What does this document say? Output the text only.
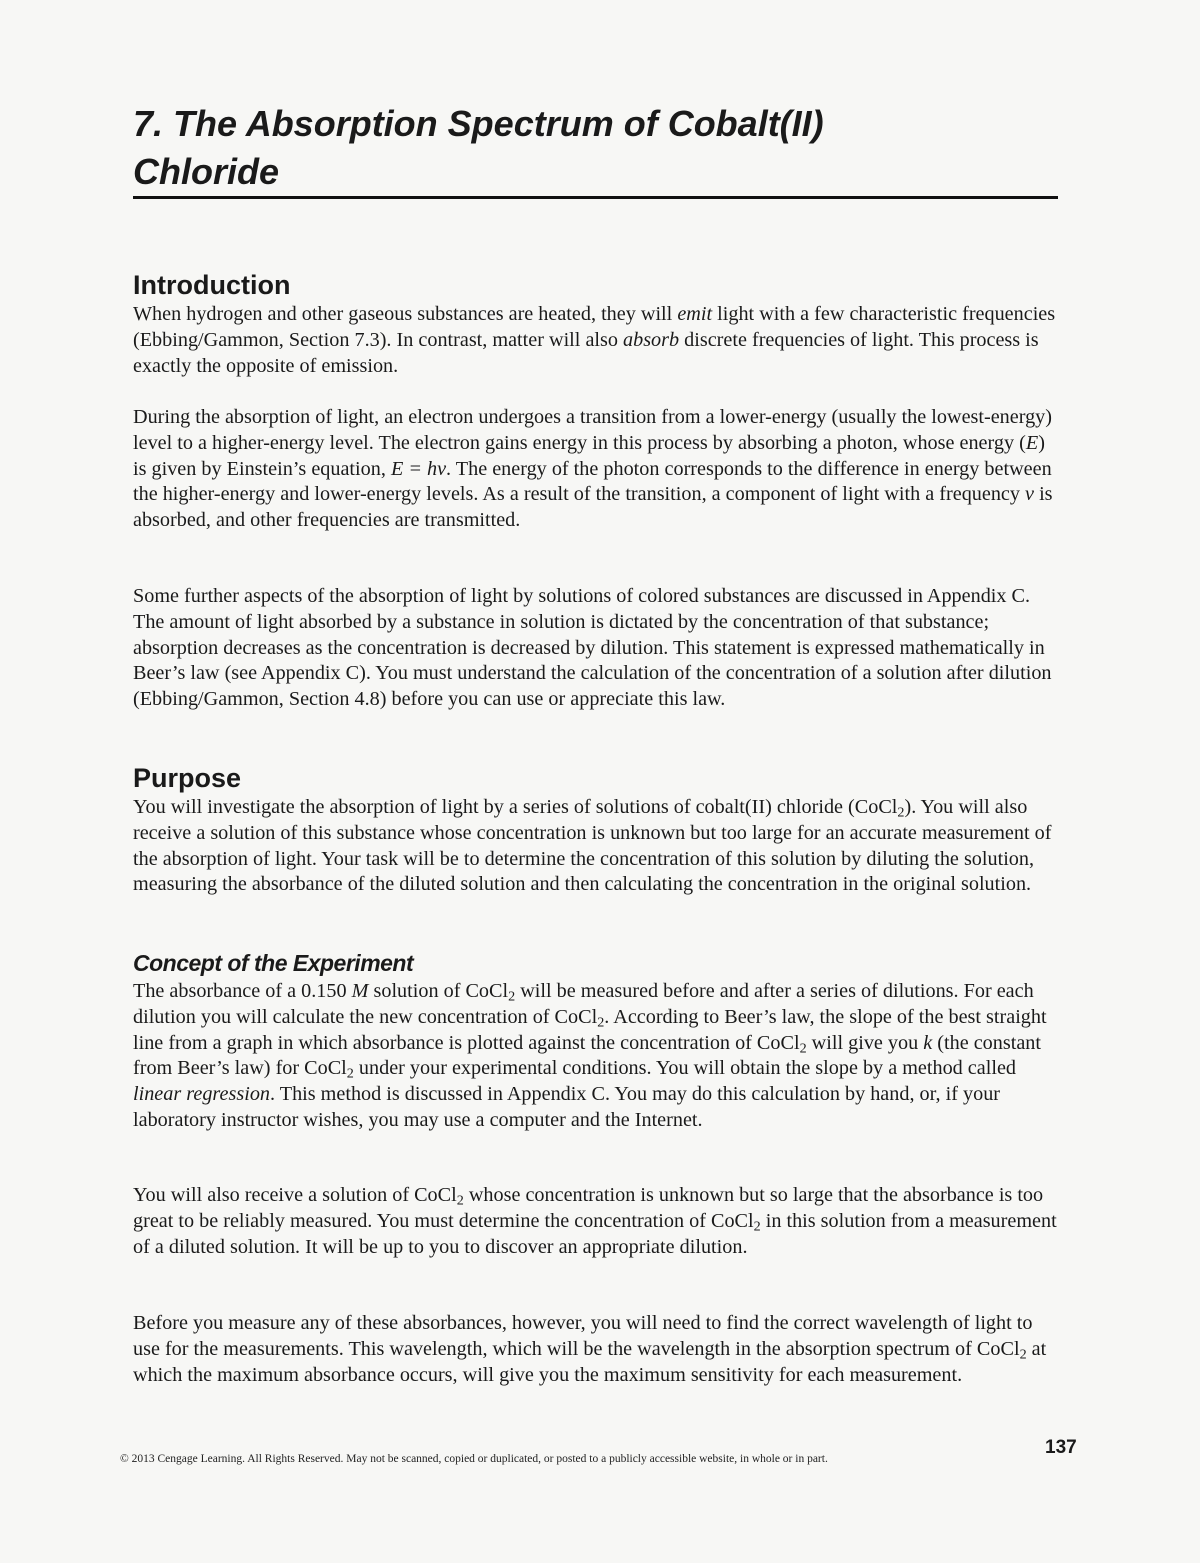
7. The Absorption Spectrum of Cobalt(II)
Chloride
Introduction

When hydrogen and other gaseous substances are heated, they will emit light with a few characteristic frequencies (Ebbing/Gammon, Section 7.3). In contrast, matter will also absorb discrete frequencies of light. This process is exactly the opposite of emission.

During the absorption of light, an electron undergoes a transition from a lower-energy (usually the lowest-energy) level to a higher-energy level. The electron gains energy in this process by absorbing a photon, whose energy (E) is given by Einstein’s equation, E = hv. The energy of the photon corresponds to the difference in energy between the higher-energy and lower-energy levels. As a result of the transition, a component of light with a frequency v is absorbed, and other frequencies are transmitted.

Some further aspects of the absorption of light by solutions of colored substances are discussed in Appendix C. The amount of light absorbed by a substance in solution is dictated by the concentration of that substance; absorption decreases as the concentration is decreased by dilution. This statement is expressed mathematically in Beer’s law (see Appendix C). You must understand the calculation of the concentration of a solution after dilution (Ebbing/Gammon, Section 4.8) before you can use or appreciate this law.

Purpose

You will investigate the absorption of light by a series of solutions of cobalt(II) chloride (CoCl$_2$). You will also receive a solution of this substance whose concentration is unknown but too large for an accurate measurement of the absorption of light. Your task will be to determine the concentration of this solution by diluting the solution, measuring the absorbance of the diluted solution and then calculating the concentration in the original solution.

Concept of the Experiment

The absorbance of a 0.150 M solution of CoCl$_2$ will be measured before and after a series of dilutions. For each dilution you will calculate the new concentration of CoCl$_2$. According to Beer’s law, the slope of the best straight line from a graph in which absorbance is plotted against the concentration of CoCl$_2$ will give you k (the constant from Beer’s law) for CoCl$_2$ under your experimental conditions. You will obtain the slope by a method called linear regression. This method is discussed in Appendix C. You may do this calculation by hand, or, if your laboratory instructor wishes, you may use a computer and the Internet.

You will also receive a solution of CoCl$_2$ whose concentration is unknown but so large that the absorbance is too great to be reliably measured. You must determine the concentration of CoCl$_2$ in this solution from a measurement of a diluted solution. It will be up to you to discover an appropriate dilution.

Before you measure any of these absorbances, however, you will need to find the correct wavelength of light to use for the measurements. This wavelength, which will be the wavelength in the absorption spectrum of CoCl$_2$ at which the maximum absorbance occurs, will give you the maximum sensitivity for each measurement.

© 2013 Cengage Learning. All Rights Reserved. May not be scanned, copied or duplicated, or posted to a publicly accessible website, in whole or in part.
137
